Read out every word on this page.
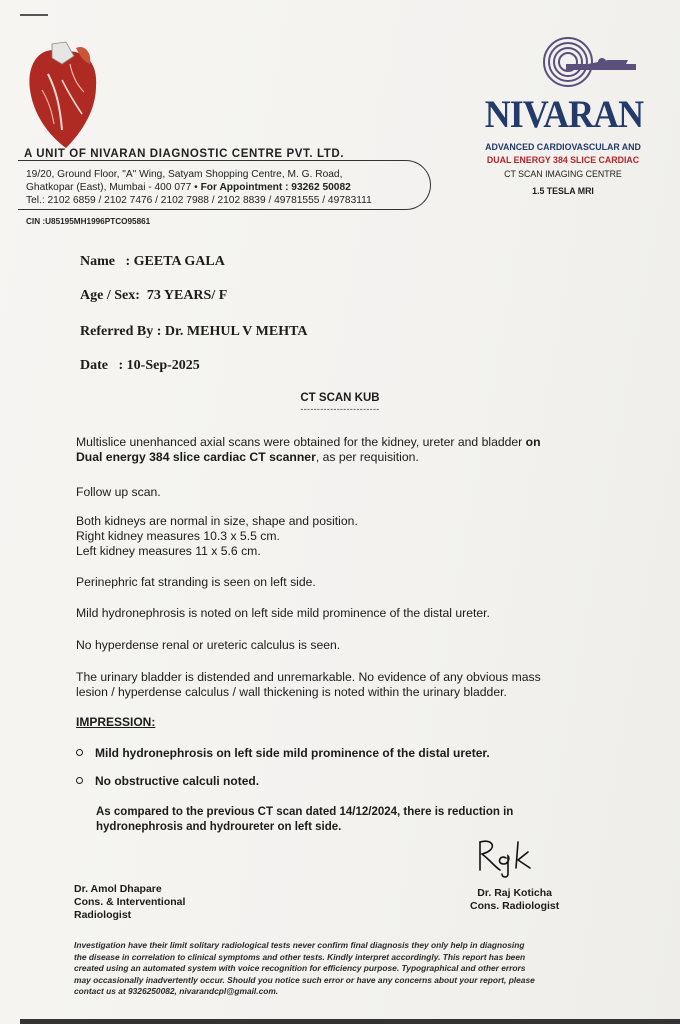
A UNIT OF NIVARAN DIAGNOSTIC CENTRE PVT. LTD.
19/20, Ground Floor, "A" Wing, Satyam Shopping Centre, M. G. Road,
Ghatkopar (East), Mumbai - 400 077 • For Appointment : 93262 50082
Tel.: 2102 6859 / 2102 7476 / 2102 7988 / 2102 8839 / 49781555 / 49783111
CIN :U85195MH1996PTCO95861
NIVARAN
ADVANCED CARDIOVASCULAR AND
DUAL ENERGY 384 SLICE CARDIAC
CT SCAN IMAGING CENTRE
1.5 TESLA MRI
Name : GEETA GALA
Age / Sex: 73 YEARS/ F
Referred By : Dr. MEHUL V MEHTA
Date : 10-Sep-2025
CT SCAN KUB
------------------------
Multislice unenhanced axial scans were obtained for the kidney, ureter and bladder on
Dual energy 384 slice cardiac CT scanner, as per requisition.
Follow up scan.
Both kidneys are normal in size, shape and position.
Right kidney measures 10.3 x 5.5 cm.
Left kidney measures 11 x 5.6 cm.
Perinephric fat stranding is seen on left side.
Mild hydronephrosis is noted on left side mild prominence of the distal ureter.
No hyperdense renal or ureteric calculus is seen.
The urinary bladder is distended and unremarkable. No evidence of any obvious mass
lesion / hyperdense calculus / wall thickening is noted within the urinary bladder.
IMPRESSION:
Mild hydronephrosis on left side mild prominence of the distal ureter.
No obstructive calculi noted.
As compared to the previous CT scan dated 14/12/2024, there is reduction in
hydronephrosis and hydroureter on left side.
Dr. Amol Dhapare
Cons. & Interventional
Radiologist
Dr. Raj Koticha
Cons. Radiologist
Investigation have their limit solitary radiological tests never confirm final diagnosis they only help in diagnosing
the disease in correlation to clinical symptoms and other tests. Kindly interpret accordingly. This report has been
created using an automated system with voice recognition for efficiency purpose. Typographical and other errors
may occasionally inadvertently occur. Should you notice such error or have any concerns about your report, please
contact us at 9326250082, nivarandcpl@gmail.com.
